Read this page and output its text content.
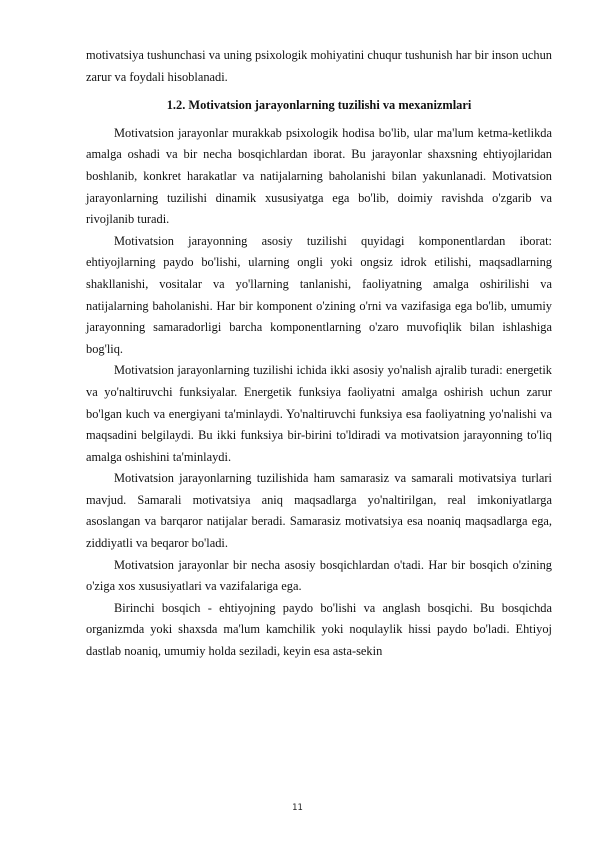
motivatsiya tushunchasi va uning psixologik mohiyatini chuqur tushunish har bir inson uchun zarur va foydali hisoblanadi.

1.2. Motivatsion jarayonlarning tuzilishi va mexanizmlari

Motivatsion jarayonlar murakkab psixologik hodisa bo'lib, ular ma'lum ketma-ketlikda amalga oshadi va bir necha bosqichlardan iborat. Bu jarayonlar shaxsning ehtiyojlaridan boshlanib, konkret harakatlar va natijalarning baholanishi bilan yakunlanadi. Motivatsion jarayonlarning tuzilishi dinamik xususiyatga ega bo'lib, doimiy ravishda o'zgarib va rivojlanib turadi.

Motivatsion jarayonning asosiy tuzilishi quyidagi komponentlardan iborat: ehtiyojlarning paydo bo'lishi, ularning ongli yoki ongsiz idrok etilishi, maqsadlarning shakllanishi, vositalar va yo'llarning tanlanishi, faoliyatning amalga oshirilishi va natijalarning baholanishi. Har bir komponent o'zining o'rni va vazifasiga ega bo'lib, umumiy jarayonning samaradorligi barcha komponentlarning o'zaro muvofiqlik bilan ishlashiga bog'liq.

Motivatsion jarayonlarning tuzilishi ichida ikki asosiy yo'nalish ajralib turadi: energetik va yo'naltiruvchi funksiyalar. Energetik funksiya faoliyatni amalga oshirish uchun zarur bo'lgan kuch va energiyani ta'minlaydi. Yo'naltiruvchi funksiya esa faoliyatning yo'nalishi va maqsadini belgilaydi. Bu ikki funksiya bir-birini to'ldiradi va motivatsion jarayonning to'liq amalga oshishini ta'minlaydi.

Motivatsion jarayonlarning tuzilishida ham samarasiz va samarali motivatsiya turlari mavjud. Samarali motivatsiya aniq maqsadlarga yo'naltirilgan, real imkoniyatlarga asoslangan va barqaror natijalar beradi. Samarasiz motivatsiya esa noaniq maqsadlarga ega, ziddiyatli va beqaror bo'ladi.

Motivatsion jarayonlar bir necha asosiy bosqichlardan o'tadi. Har bir bosqich o'zining o'ziga xos xususiyatlari va vazifalariga ega.

Birinchi bosqich - ehtiyojning paydo bo'lishi va anglash bosqichi. Bu bosqichda organizmda yoki shaxsda ma'lum kamchilik yoki noqulaylik hissi paydo bo'ladi. Ehtiyoj dastlab noaniq, umumiy holda seziladi, keyin esa asta-sekin

11
